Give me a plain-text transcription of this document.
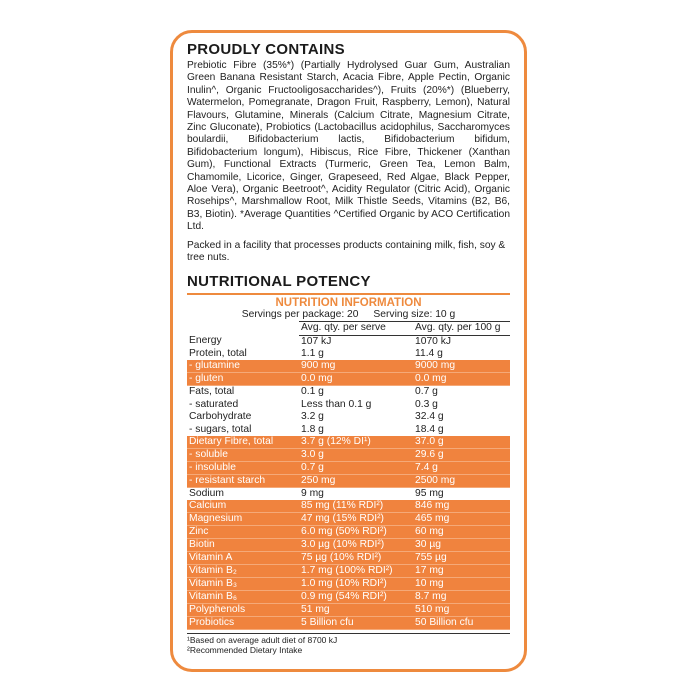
PROUDLY CONTAINS

Prebiotic Fibre (35%*) (Partially Hydrolysed Guar Gum, Australian Green Banana Resistant Starch, Acacia Fibre, Apple Pectin, Organic Inulin^, Organic Fructooligosaccharides^), Fruits (20%*) (Blueberry, Watermelon, Pomegranate, Dragon Fruit, Raspberry, Lemon), Natural Flavours, Glutamine, Minerals (Calcium Citrate, Magnesium Citrate, Zinc Gluconate), Probiotics (Lactobacillus acidophilus, Saccharomyces boulardii, Bifidobacterium lactis, Bifidobacterium bifidum, Bifidobacterium longum), Hibiscus, Rice Fibre, Thickener (Xanthan Gum), Functional Extracts (Turmeric, Green Tea, Lemon Balm, Chamomile, Licorice, Ginger, Grapeseed, Red Algae, Black Pepper, Aloe Vera), Organic Beetroot^, Acidity Regulator (Citric Acid), Organic Rosehips^, Marshmallow Root, Milk Thistle Seeds, Vitamins (B2, B6, B3, Biotin). *Average Quantities ^Certified Organic by ACO Certification Ltd.

Packed in a facility that processes products containing milk, fish, soy & tree nuts.

NUTRITIONAL POTENCY
NUTRITION INFORMATION
Servings per package: 20 Serving size: 10 g
	Avg. qty. per serve	Avg. qty. per 100 g
Energy	107 kJ	1070 kJ
Protein, total	1.1 g	11.4 g
- glutamine	900 mg	9000 mg
- gluten	0.0 mg	0.0 mg
Fats, total	0.1 g	0.7 g
- saturated	Less than 0.1 g	0.3 g
Carbohydrate	3.2 g	32.4 g
- sugars, total	1.8 g	18.4 g
Dietary Fibre, total	3.7 g (12% DI¹)	37.0 g
- soluble	3.0 g	29.6 g
- insoluble	0.7 g	7.4 g
- resistant starch	250 mg	2500 mg
Sodium	9 mg	95 mg
Calcium	85 mg (11% RDI²)	846 mg
Magnesium	47 mg (15% RDI²)	465 mg
Zinc	6.0 mg (50% RDI²)	60 mg
Biotin	3.0 µg (10% RDI²)	30 µg
Vitamin A	75 µg (10% RDI²)	755 µg
Vitamin B₂	1.7 mg (100% RDI²)	17 mg
Vitamin B₃	1.0 mg (10% RDI²)	10 mg
Vitamin B₆	0.9 mg (54% RDI²)	8.7 mg
Polyphenols	51 mg	510 mg
Probiotics	5 Billion cfu	50 Billion cfu
¹Based on average adult diet of 8700 kJ
²Recommended Dietary Intake
